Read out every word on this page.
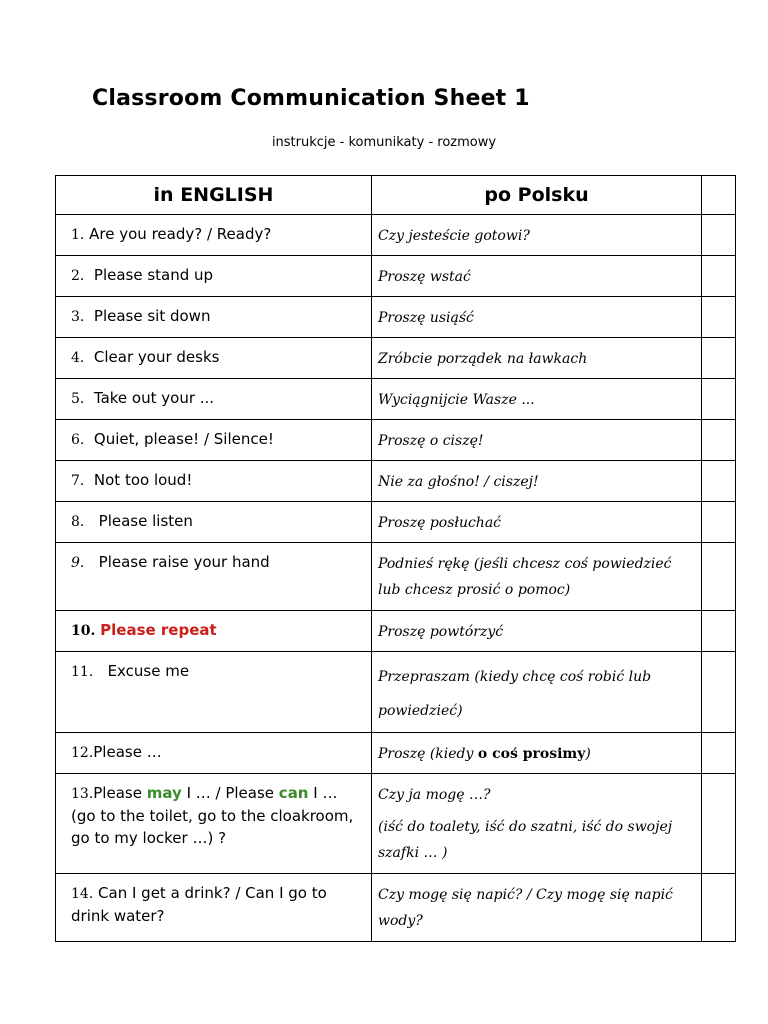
Classroom Communication Sheet 1
instrukcje - komunikaty - rozmowy
in ENGLISH	po Polsku	
1. Are you ready? / Ready?	Czy jesteście gotowi?	
2. Please stand up	Proszę wstać	
3. Please sit down	Proszę usiąść	
4. Clear your desks	Zróbcie porządek na ławkach	
5. Take out your ...	Wyciągnijcie Wasze ...	
6. Quiet, please! / Silence!	Proszę o ciszę!	
7. Not too loud!	Nie za głośno! / ciszej!	
8. Please listen	Proszę posłuchać	
9. Please raise your hand	Podnieś rękę (jeśli chcesz coś powiedzieć lub chcesz prosić o pomoc)	
10. Please repeat	Proszę powtórzyć	
11. Excuse me	Przepraszam (kiedy chcę coś robić lub powiedzieć)	
12.Please …	Proszę (kiedy o coś prosimy)	
13.Please may I … / Please can I … (go to the toilet, go to the cloakroom, go to my locker …) ?	Czy ja mogę …?
(iść do toalety, iść do szatni, iść do swojej szafki … )	

14. Can I get a drink? / Can I go to drink water?	Czy mogę się napić? / Czy mogę się napić wody?	
